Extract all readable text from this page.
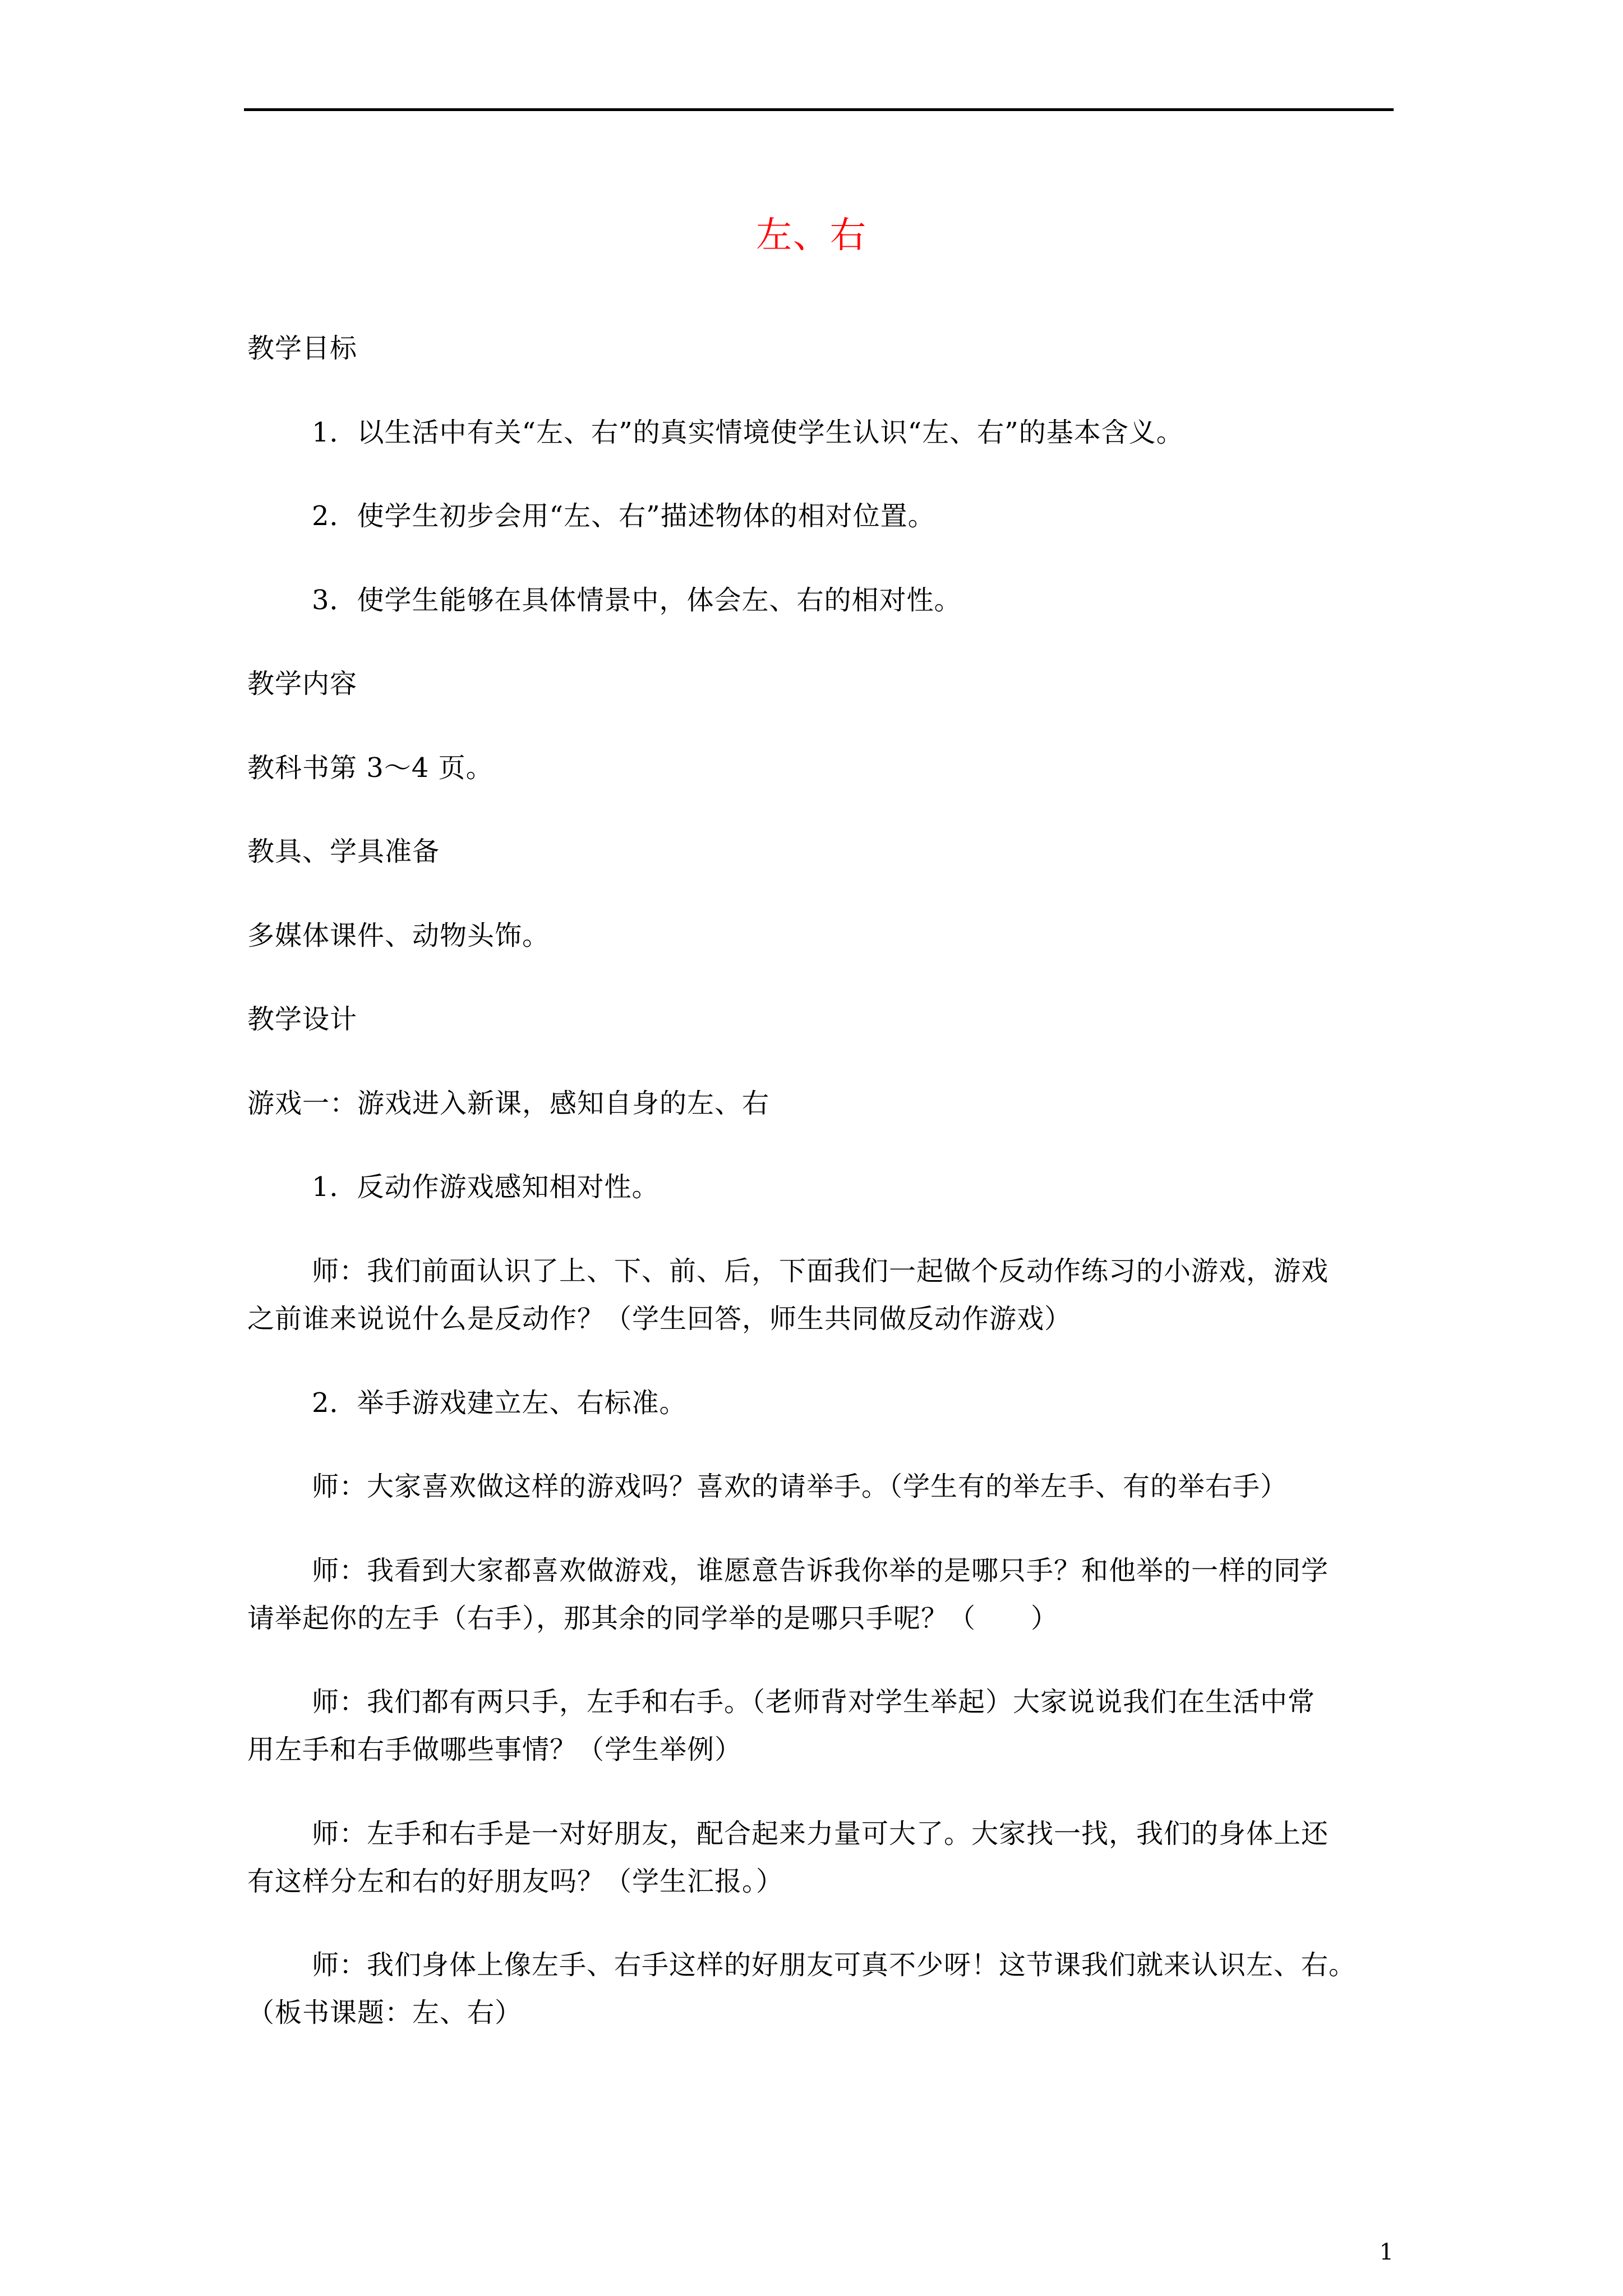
左、右
教学目标
1．以生活中有关“左、右”的真实情境使学生认识“左、右”的基本含义。
2．使学生初步会用“左、右”描述物体的相对位置。
3．使学生能够在具体情景中，体会左、右的相对性。
教学内容
教科书第 3～4 页。
教具、学具准备
多媒体课件、动物头饰。
教学设计
游戏一：游戏进入新课，感知自身的左、右
1．反动作游戏感知相对性。
师：我们前面认识了上、下、前、后，下面我们一起做个反动作练习的小游戏，游戏
之前谁来说说什么是反动作？（学生回答，师生共同做反动作游戏）
2．举手游戏建立左、右标准。
师：大家喜欢做这样的游戏吗？喜欢的请举手。（学生有的举左手、有的举右手）
师：我看到大家都喜欢做游戏，谁愿意告诉我你举的是哪只手？和他举的一样的同学
请举起你的左手（右手），那其余的同学举的是哪只手呢？（　　）
师：我们都有两只手，左手和右手。（老师背对学生举起）大家说说我们在生活中常
用左手和右手做哪些事情？（学生举例）
师：左手和右手是一对好朋友，配合起来力量可大了。大家找一找，我们的身体上还
有这样分左和右的好朋友吗？（学生汇报。）
师：我们身体上像左手、右手这样的好朋友可真不少呀！这节课我们就来认识左、右。
（板书课题：左、右）
1
